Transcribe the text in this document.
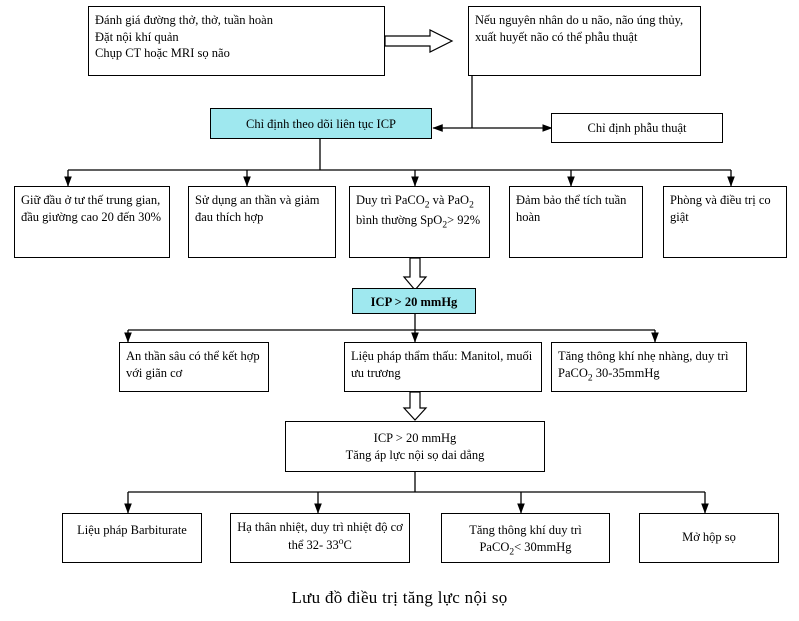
Đánh giá đường thở, thở, tuần hoàn
Đặt nội khí quản
Chụp CT hoặc MRI sọ não
Nếu nguyên nhân do u não, não úng thủy, xuất huyết não có thể phẫu thuật
Chỉ định theo dõi liên tục ICP	Chỉ định phẫu thuật
Giữ đầu ở tư thế trung gian, đầu giường cao 20 đến 30%
Sử dụng an thần và giảm đau thích hợp
Duy trì PaCO$_2$ và PaO$_2$ bình thường SpO$_2$> 92%
Đảm bảo thể tích tuần hoàn
Phòng và điều trị co giật
ICP > 20 mmHg
An thần sâu có thể kết hợp với giãn cơ
Liệu pháp thẩm thấu: Manitol, muối ưu trương
Tăng thông khí nhẹ nhàng, duy trì PaCO$_2$ 30-35mmHg
ICP > 20 mmHg
Tăng áp lực nội sọ dai dẳng
Liệu pháp Barbiturate	Hạ thân nhiệt, duy trì nhiệt độ cơ thể 32- 33$^o$C
Tăng thông khí duy trì PaCO$_2$< 30mmHg
Mở hộp sọ
Lưu đồ điều trị tăng lực nội sọ
